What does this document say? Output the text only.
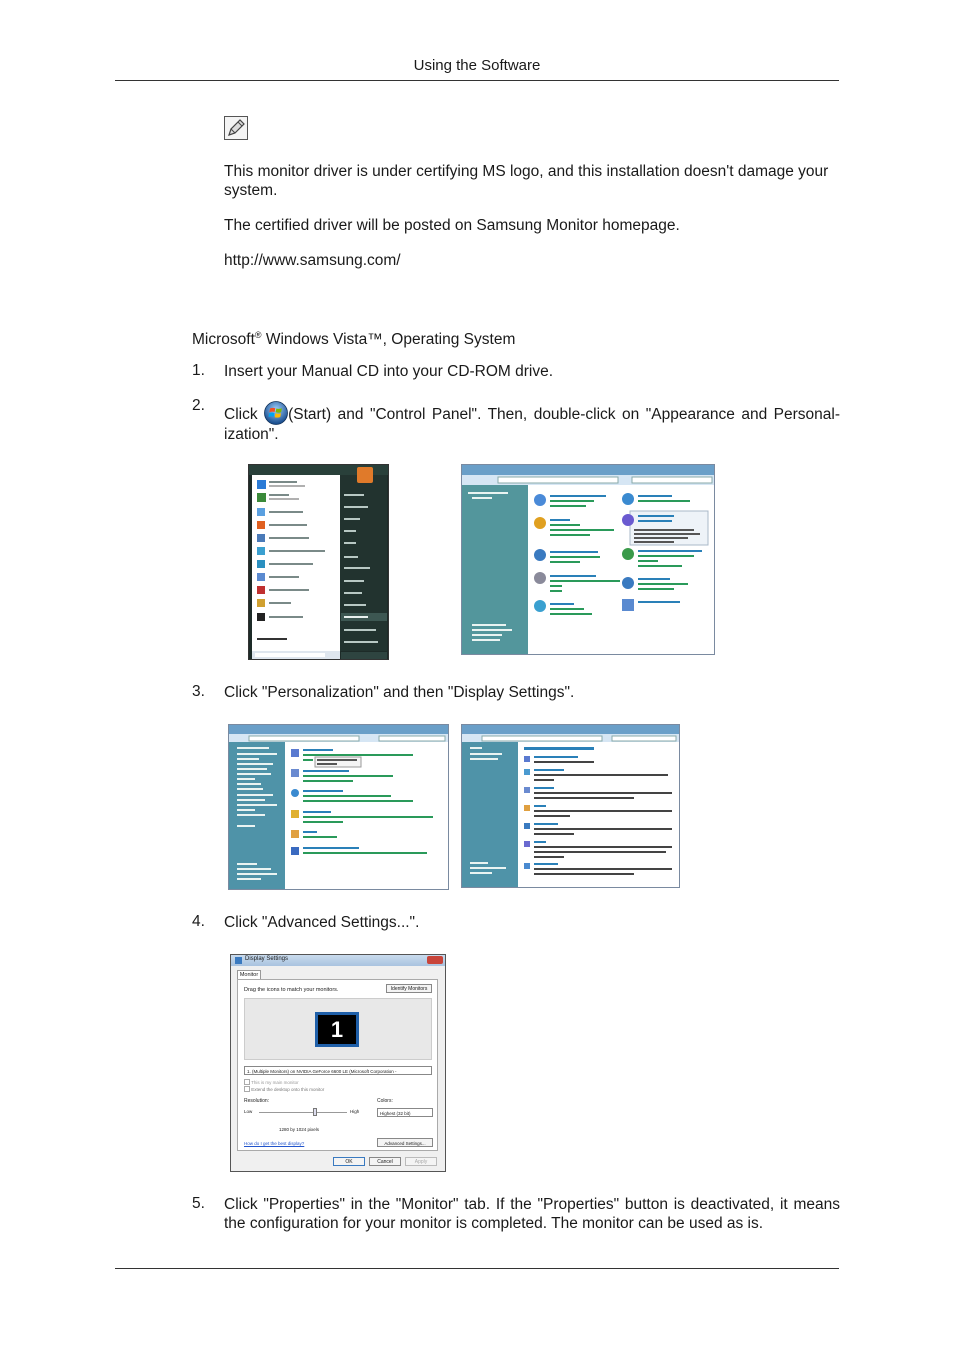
Using the Software
This monitor driver is under certifying MS logo, and this installation doesn't damage your system.
The certified driver will be posted on Samsung Monitor homepage.
http://www.samsung.com/
Microsoft® Windows Vista™, Operating System
1. Insert your Manual CD into your CD-ROM drive.
2.
Click (Start) and "Control Panel". Then, double-click on "Appearance and Personal-ization".
3. Click "Personalization" and then "Display Settings".
4. Click "Advanced Settings...".
Display Settings
Monitor
Drag the icons to match your monitors.	Identify Monitors
1
1. (Multiple Monitors) on NVIDIA GeForce 6600 LE (Microsoft Corporation -
This is my main monitor
Extend the desktop onto this monitor
Resolution:
Low	High
1280 by 1024 pixels
Colors:
Highest (32 bit)
How do I get the best display?	Advanced Settings...
OK	Cancel	Apply
5. Click "Properties" in the "Monitor" tab. If the "Properties" button is deactivated, it means the configuration for your monitor is completed. The monitor can be used as is.
